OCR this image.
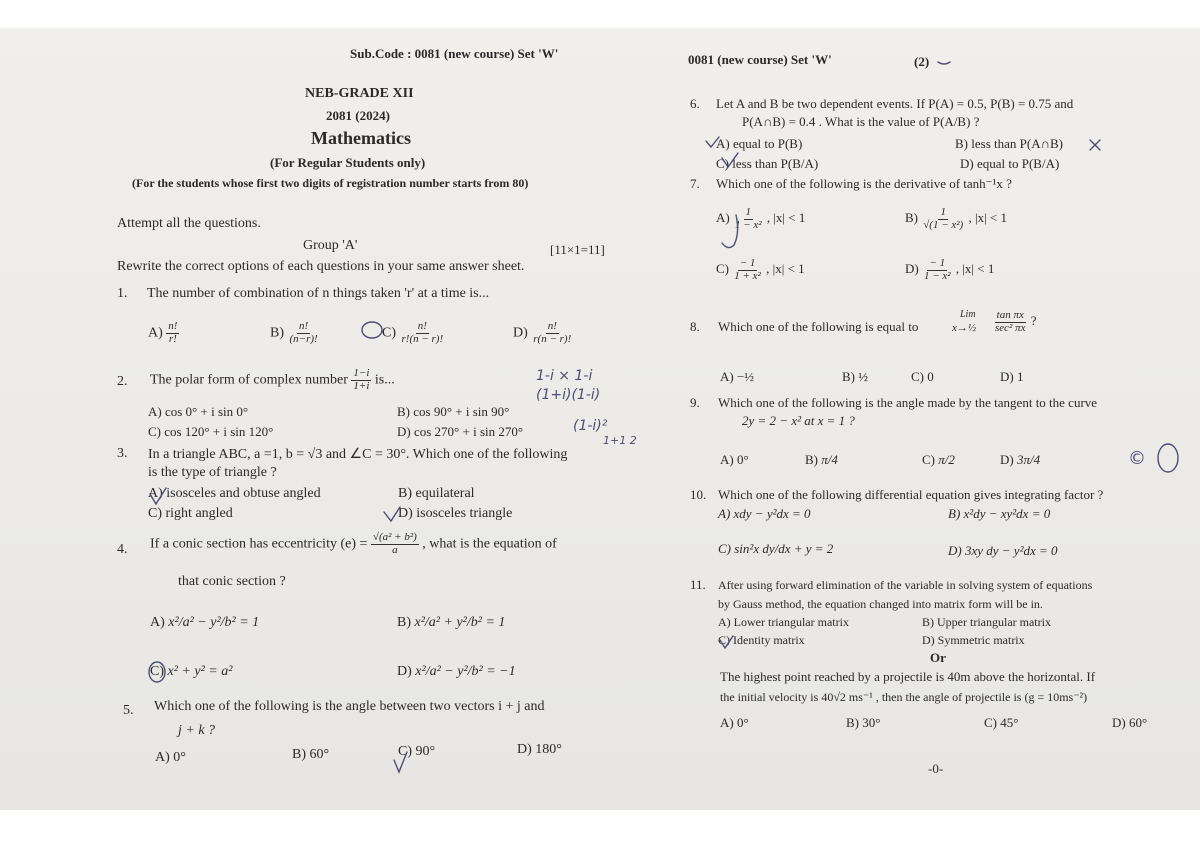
Sub.Code : 0081 (new course) Set 'W'
NEB-GRADE XII
2081 (2024)
Mathematics
(For Regular Students only)
(For the students whose first two digits of registration number starts from 80)
Attempt all the questions.
Group 'A'	[11×1=11]
Rewrite the correct options of each questions in your same answer sheet.
1. The number of combination of n things taken 'r' at a time is...
$A) \frac{n!}{r!}$	$B) \frac{n!}{(n-r)!}$	$C) \frac{n!}{r!(n - r)!}$	$D) \frac{n!}{r(n - r)!}$
2. The polar form of complex number $\frac{1-i}{1+i}$ is...
A) cos 0° + i sin 0°	B) cos 90° + i sin 90°
C) cos 120° + i sin 120°	D) cos 270° + i sin 270°
3. In a triangle ABC, a =1, b = √3 and ∠C = 30°. Which one of the following
is the type of triangle ?
A) isosceles and obtuse angled	B) equilateral
C) right angled	D) isosceles triangle
4. If a conic section has eccentricity $(e) = \frac{\text{√(a² + b²)}}{a}$ , what is the equation of
that conic section ?
A) x²/a² − y²/b² = 1	B) x²/a² + y²/b² = 1
C) x² + y² = a²	D) x²/a² − y²/b² = −1
5. Which one of the following is the angle between two vectors i + j and
j + k ?
A) 0°	B) 60°	C) 90°	D) 180°
0081 (new course) Set 'W'	(2)
6. Let A and B be two dependent events. If P(A) = 0.5, P(B) = 0.75 and
P(A∩B) = 0.4 . What is the value of P(A/B) ?
A) equal to P(B)	B) less than P(A∩B)
C) less than P(B/A)	D) equal to P(B/A)
7. Which one of the following is the derivative of tanh⁻¹x ?
$A) \frac{1}{\text{1 − x²}}$ , |x| < 1	$B) \frac{1}{\text{√(1 − x²)}}$ , |x| < 1
$C) \frac{- 1}{\text{1 + x²}}$ , |x| < 1	$D) \frac{- 1}{\text{1 − x²}}$ , |x| < 1
8. Which one of the following is equal to
Lim
x→½ $\frac{\text{tan πx}}{\text{sec² πx}}$ ?
A) −½	B) ½	C) 0	D) 1
9. Which one of the following is the angle made by the tangent to the curve
2y = 2 − x² at x = 1 ?
A) 0°	B) π/4	C) π/2	D) 3π/4
10. Which one of the following differential equation gives integrating factor ?
A) xdy − y²dx = 0	B) x²dy − xy²dx = 0
C) sin²x dy/dx + y = 2	D) 3xy dy − y²dx = 0
11. After using forward elimination of the variable in solving system of equations
by Gauss method, the equation changed into matrix form will be in.
A) Lower triangular matrix	B) Upper triangular matrix
C) Identity matrix	D) Symmetric matrix
Or
The highest point reached by a projectile is 40m above the horizontal. If
the initial velocity is 40√2 ms⁻¹ , then the angle of projectile is (g = 10ms⁻²)
A) 0°	B) 30°	C) 45°	D) 60°
-0-
1-i × 1-i
(1+i)(1-i)
(1-i)²
1+1 2
©
